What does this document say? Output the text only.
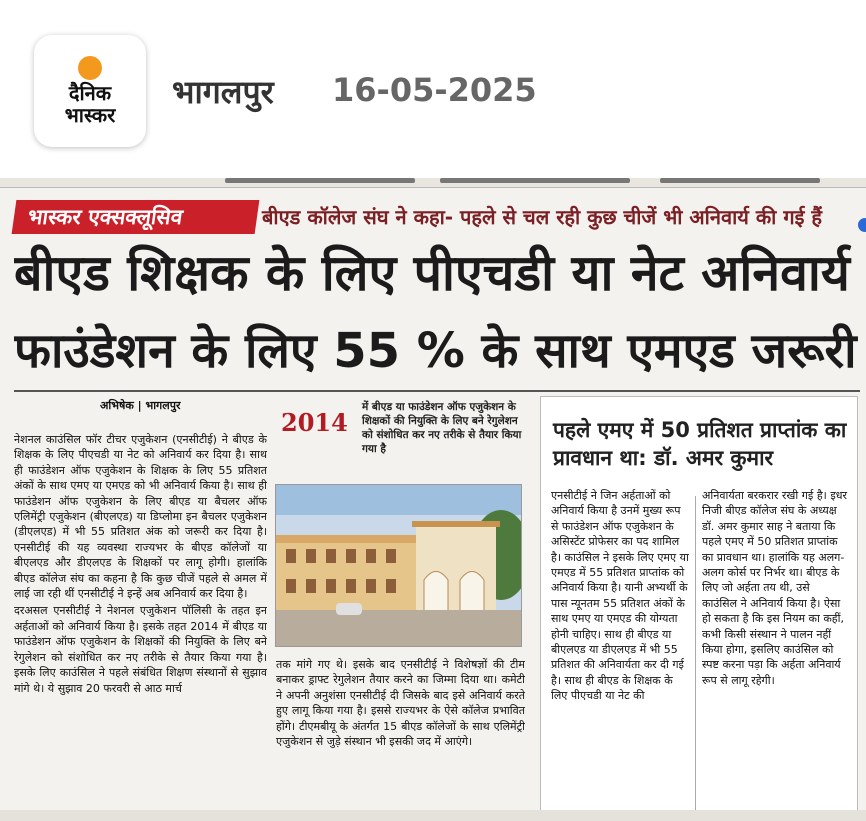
दैनिक
भास्कर
भागलपुर 16-05-2025
भास्कर एक्सक्लूसिव	बीएड कॉलेज संघ ने कहा- पहले से चल रही कुछ चीजें भी अनिवार्य की गई हैं
बीएड शिक्षक के लिए पीएचडी या नेट अनिवार्य
फाउंडेशन के लिए 55 % के साथ एमएड जरूरी
अभिषेक | भागलपुर

नेशनल काउंसिल फॉर टीचर एजुकेशन (एनसीटीई) ने बीएड के शिक्षक के लिए पीएचडी या नेट को अनिवार्य कर दिया है। साथ ही फाउंडेशन ऑफ एजुकेशन के शिक्षक के लिए 55 प्रतिशत अंकों के साथ एमए या एमएड को भी अनिवार्य किया है। साथ ही फाउंडेशन ऑफ एजुकेशन के लिए बीएड या बैचलर ऑफ एलिमेंट्री एजुकेशन (बीएलएड) या डिप्लोमा इन बैचलर एजुकेशन (डीएलएड) में भी 55 प्रतिशत अंक को जरूरी कर दिया है। एनसीटीई की यह व्यवस्था राज्यभर के बीएड कॉलेजों या बीएलएड और डीएलएड के शिक्षकों पर लागू होगी। हालांकि बीएड कॉलेज संघ का कहना है कि कुछ चीजें पहले से अमल में लाई जा रही थीं एनसीटीई ने इन्हें अब अनिवार्य कर दिया है।

दरअसल एनसीटीई ने नेशनल एजुकेशन पॉलिसी के तहत इन अर्हताओं को अनिवार्य किया है। इसके तहत 2014 में बीएड या फाउंडेशन ऑफ एजुकेशन के शिक्षकों की नियुक्ति के लिए बने रेगुलेशन को संशोधित कर नए तरीके से तैयार किया गया है। इसके लिए काउंसिल ने पहले संबंधित शिक्षण संस्थानों से सुझाव मांगे थे। ये सुझाव 20 फरवरी से आठ मार्च

2014
में बीएड या फाउंडेशन ऑफ एजुकेशन के शिक्षकों की नियुक्ति के लिए बने रेगुलेशन को संशोधित कर नए तरीके से तैयार किया गया है
तक मांगे गए थे। इसके बाद एनसीटीई ने विशेषज्ञों की टीम बनाकर ड्राफ्ट रेगुलेशन तैयार करने का जिम्मा दिया था। कमेटी ने अपनी अनुशंसा एनसीटीई दी जिसके बाद इसे अनिवार्य करते हुए लागू किया गया है। इससे राज्यभर के ऐसे कॉलेज प्रभावित होंगे। टीएमबीयू के अंतर्गत 15 बीएड कॉलेजों के साथ एलिमेंट्री एजुकेशन से जुड़े संस्थान भी इसकी जद में आएंगे।
पहले एमए में 50 प्रतिशत प्राप्तांक का प्रावधान था: डॉ. अमर कुमार
एनसीटीई ने जिन अर्हताओं को अनिवार्य किया है उनमें मुख्य रूप से फाउंडेशन ऑफ एजुकेशन के असिस्टेंट प्रोफेसर का पद शामिल है। काउंसिल ने इसके लिए एमए या एमएड में 55 प्रतिशत प्राप्तांक को अनिवार्य किया है। यानी अभ्यर्थी के पास न्यूनतम 55 प्रतिशत अंकों के साथ एमए या एमएड की योग्यता होनी चाहिए। साथ ही बीएड या बीएलएड या डीएलएड में भी 55 प्रतिशत की अनिवार्यता कर दी गई है। साथ ही बीएड के शिक्षक के लिए पीएचडी या नेट की
अनिवार्यता बरकरार रखी गई है। इधर निजी बीएड कॉलेज संघ के अध्यक्ष डॉ. अमर कुमार साह ने बताया कि पहले एमए में 50 प्रतिशत प्राप्तांक का प्रावधान था। हालांकि यह अलग-अलग कोर्स पर निर्भर था। बीएड के लिए जो अर्हता तय थी, उसे काउंसिल ने अनिवार्य किया है। ऐसा हो सकता है कि इस नियम का कहीं, कभी किसी संस्थान ने पालन नहीं किया होगा, इसलिए काउंसिल को स्पष्ट करना पड़ा कि अर्हता अनिवार्य रूप से लागू रहेगी।
